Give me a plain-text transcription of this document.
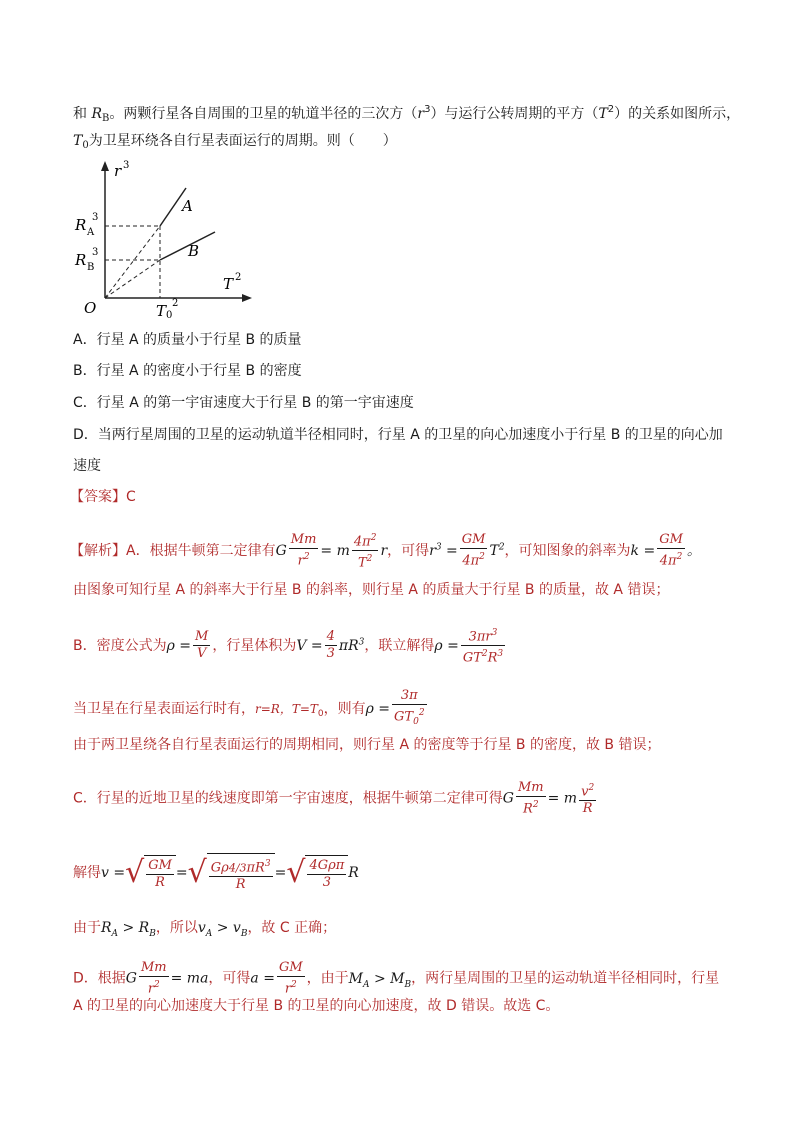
和 $R_B$。两颗行星各自周围的卫星的轨道半径的三次方$(r^3)$与运行公转周期的平方$(T^2)$的关系如图所示，
$T_0$为卫星环绕各自行星表面运行的周期。则（　　）
r 3
T 2
O
R A
3
R B
3
T 0
2
A
B
A．行星 A 的质量小于行星 B 的质量
B．行星 A 的密度小于行星 B 的密度
C．行星 A 的第一宇宙速度大于行星 B 的第一宇宙速度
D．当两行星周围的卫星的运动轨道半径相同时，行星 A 的卫星的向心加速度小于行星 B 的卫星的向心加
速度
【答案】C
【解析】A．根据牛顿第二定律有G $\frac{Mm}{r^2} = m \frac{4\pi^2}{T^2}$ r，可得$r^3 = \frac{GM}{4\pi^2} T^2$，可知图象的斜率为$k = \frac{GM}{4\pi^2}$ 。
由图象可知行星 A 的斜率大于行星 B 的斜率，则行星 A 的质量大于行星 B 的质量，故 A 错误；
B．密度公式为$\rho = \frac{M}{V}$ ，行星体积为$V = \frac{4}{3} \pi R^3$，联立解得$\rho = \frac{3\pi r^3}{GT^2R^3}$
当卫星在行星表面运行时有，r=R，$T=T_0$，则有$\rho = \frac{3\pi}{GT_0^2}$
由于两卫星绕各自行星表面运行的周期相同，则行星 A 的密度等于行星 B 的密度，故 B 错误；
C．行星的近地卫星的线速度即第一宇宙速度，根据牛顿第二定律可得G $\frac{Mm}{R^2} = m \frac{v^2}{R}$
解得v =√ $\frac{GM}{R}$ =√ $\frac{G\rho 4/3\pi R^3}{R}$ =√ $\frac{\text{4Gρπ}}{3}$ R
由于$R_A > R_B$，所以$v_A > v_B$，故 C 正确；
D．根据G $\frac{Mm}{r^2}$ = ma，可得$a = \frac{GM}{r^2}$ ，由于$M_A > M_B$，两行星周围的卫星的运动轨道半径相同时，行星
A 的卫星的向心加速度大于行星 B 的卫星的向心加速度，故 D 错误。故选 C。
